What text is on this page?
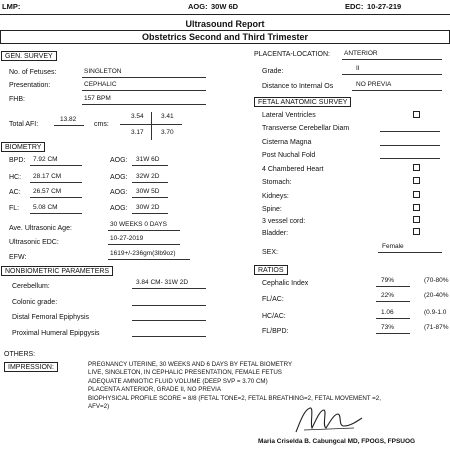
LMP:	AOG: 30W 6D	EDC: 10-27-219
Ultrasound Report
Obstetrics Second and Third Trimester
GEN. SURVEY
No. of Fetuses:	SINGLETON
Presentation:	CEPHALIC
FHB:	157 BPM
Total AFI:
13.82
cms:
3.54	3.41
3.17	3.70
BIOMETRY
BPD: 7.92 CM	AOG: 31W 6D
HC: 28.17 CM	AOG: 32W 2D
AC: 26.57 CM	AOG: 30W 5D
FL: 5.08 CM	AOG: 30W 2D
Ave. Ultrasonic Age:
30 WEEKS 0 DAYS
Ultrasonic EDC:
10-27-2019
EFW:
1619+/-236gm(3lb9oz)
NONBIOMETRIC PARAMETERS
Cerebellum:
3.84 CM- 31W 2D
Colonic grade:
Distal Femoral Epiphysis
Proximal Humeral Epipgysis
PLACENTA-LOCATION: ANTERIOR
Grade:	II
Distance to Internal Os	NO PREVIA
FETAL ANATOMIC SURVEY
Lateral Ventricles
Transverse Cerebellar Diam
Cisterna Magna
Post Nuchal Fold
4 Chambered Heart
Stomach:
Kidneys:
Spine:
3 vessel cord:
Bladder:
SEX:
Female
RATIOS
Cephalic Index	79%	(70-80%
FL/AC:
22%	(20-40%
HC/AC:
1.06	(0.9-1.0
FL/BPD:
73%	(71-87%
OTHERS:
IMPRESSION:	PREGNANCY UTERINE, 30 WEEKS AND 6 DAYS BY FETAL BIOMETRY
LIVE, SINGLETON, IN CEPHALIC PRESENTATION, FEMALE FETUS
ADEQUATE AMNIOTIC FLUID VOLUME (DEEP SVP = 3.70 CM)
PLACENTA ANTERIOR, GRADE II, NO PREVIA
BIOPHYSICAL PROFILE SCORE = 8/8 (FETAL TONE=2, FETAL BREATHING=2, FETAL MOVEMENT =2,
AFV=2)
Maria Criselda B. Cabungcal MD, FPOGS, FPSUOG
